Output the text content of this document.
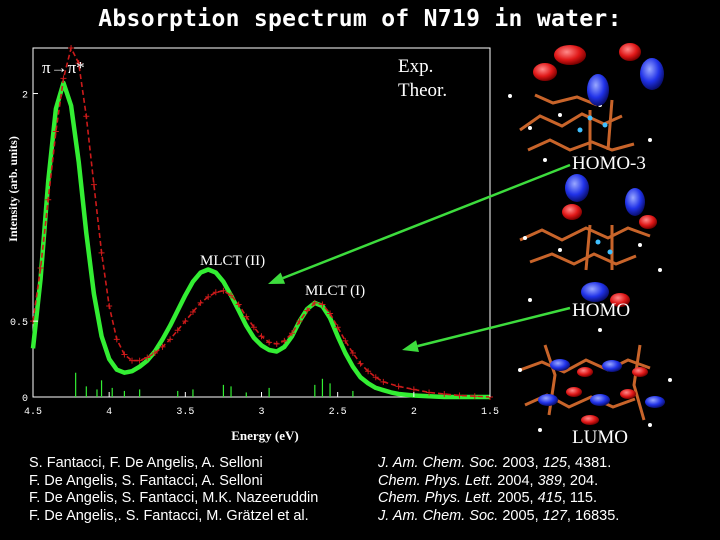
Absorption spectrum of N719 in water:
4.5	4	3.5	3	2.5	2	1.5
0
0.5
2
Intensity (arb. units)
Energy (eV)
π→π*	Exp.
Theor.
MLCT (II)
MLCT (I)
HOMO-3
HOMO
LUMO
S. Fantacci, F. De Angelis, A. Selloni
F. De Angelis, S. Fantacci, A. Selloni
F. De Angelis, S. Fantacci, M.K. Nazeeruddin
F. De Angelis,. S. Fantacci, M. Grätzel et al.
J. Am. Chem. Soc. 2003, 125, 4381.
Chem. Phys. Lett. 2004, 389, 204.
Chem. Phys. Lett. 2005, 415, 115.
J. Am. Chem. Soc. 2005, 127, 16835.
